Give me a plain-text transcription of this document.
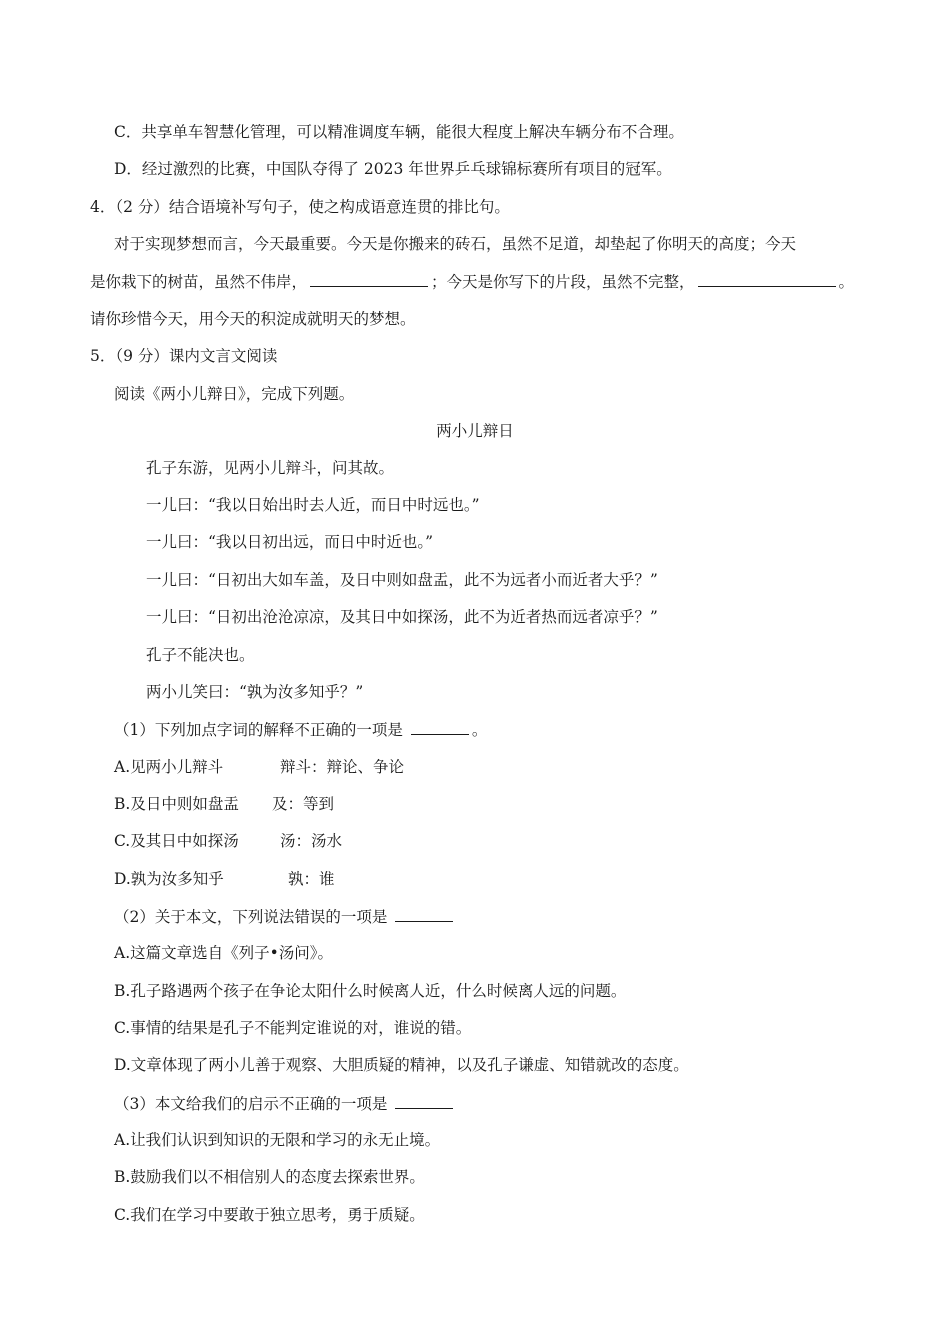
C．共享单车智慧化管理，可以精准调度车辆，能很大程度上解决车辆分布不合理。
D．经过激烈的比赛，中国队夺得了 2023 年世界乒乓球锦标赛所有项目的冠军。
4．（2 分）结合语境补写句子，使之构成语意连贯的排比句。
对于实现梦想而言，今天最重要。今天是你搬来的砖石，虽然不足道，却垫起了你明天的高度；今天
是你栽下的树苗，虽然不伟岸，	；今天是你写下的片段，虽然不完整，	。
请你珍惜今天，用今天的积淀成就明天的梦想。
5．（9 分）课内文言文阅读
阅读《两小儿辩日》，完成下列题。
两小儿辩日
孔子东游，见两小儿辩斗，问其故。
一儿曰：“我以日始出时去人近，而日中时远也。”
一儿曰：“我以日初出远，而日中时近也。”
一儿曰：“日初出大如车盖，及日中则如盘盂，此不为远者小而近者大乎？”
一儿曰：“日初出沧沧凉凉，及其日中如探汤，此不为近者热而远者凉乎？”
孔子不能决也。
两小儿笑曰：“孰为汝多知乎？”
（1）下列加点字词的解释不正确的一项是	。
A.见两小儿辩斗	辩斗：辩论、争论
B.及日中则如盘盂 及：等到
C.及其日中如探汤	汤：汤水
D.孰为汝多知乎	孰：谁
（2）关于本文，下列说法错误的一项是
A.这篇文章选自《列子•汤问》。
B.孔子路遇两个孩子在争论太阳什么时候离人近，什么时候离人远的问题。
C.事情的结果是孔子不能判定谁说的对，谁说的错。
D.文章体现了两小儿善于观察、大胆质疑的精神，以及孔子谦虚、知错就改的态度。
（3）本文给我们的启示不正确的一项是
A.让我们认识到知识的无限和学习的永无止境。
B.鼓励我们以不相信别人的态度去探索世界。
C.我们在学习中要敢于独立思考，勇于质疑。
